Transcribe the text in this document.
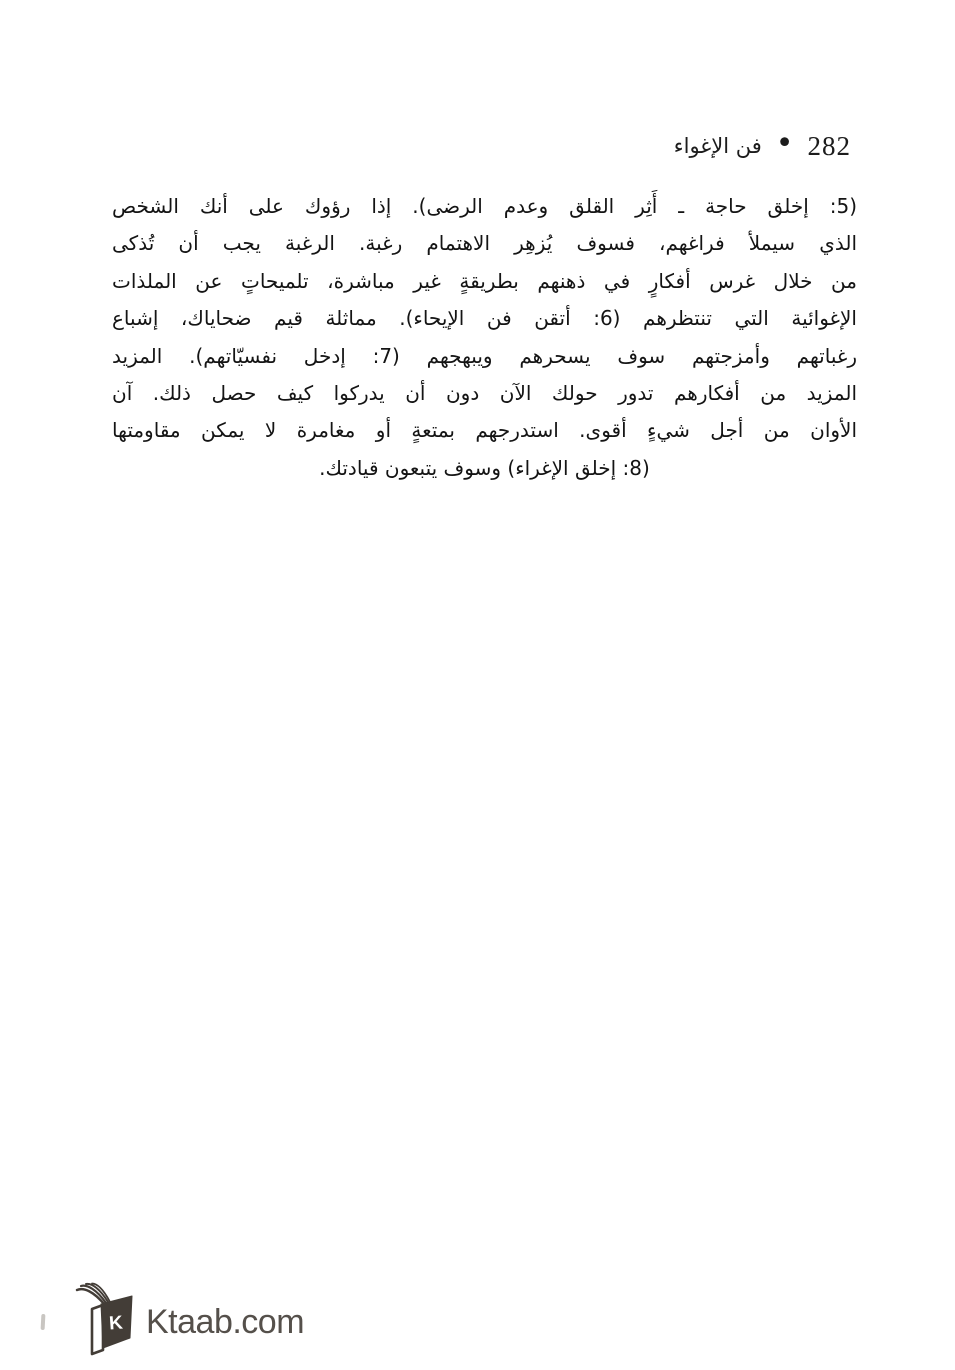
282
•
فن الإغواء
(5: إخلق حاجة ـ أَثِر القلق وعدم الرضى). إذا رؤوك على أنك الشخص
الذي سيملأ فراغهم، فسوف يُزهِر الاهتمام رغبة. الرغبة يجب أن تُذكى
من خلال غرس أفكارٍ في ذهنهم بطريقةٍ غير مباشرة، تلميحاتٍ عن الملذات
الإغوائية التي تنتظرهم (6: أتقن فن الإيحاء). مماثلة قيم ضحاياك، إشباع
رغباتهم وأمزجتهم سوف يسحرهم ويبهجهم (7: إدخل نفسيّاتهم). المزيد
المزيد من أفكارهم تدور حولك الآن دون أن يدركوا كيف حصل ذلك. آن
الأوان من أجل شيءٍ أقوى. استدرجهم بمتعةٍ أو مغامرة لا يمكن مقاومتها
(8: إخلق الإغراء) وسوف يتبعون قيادتك.
K Ktaab.com
